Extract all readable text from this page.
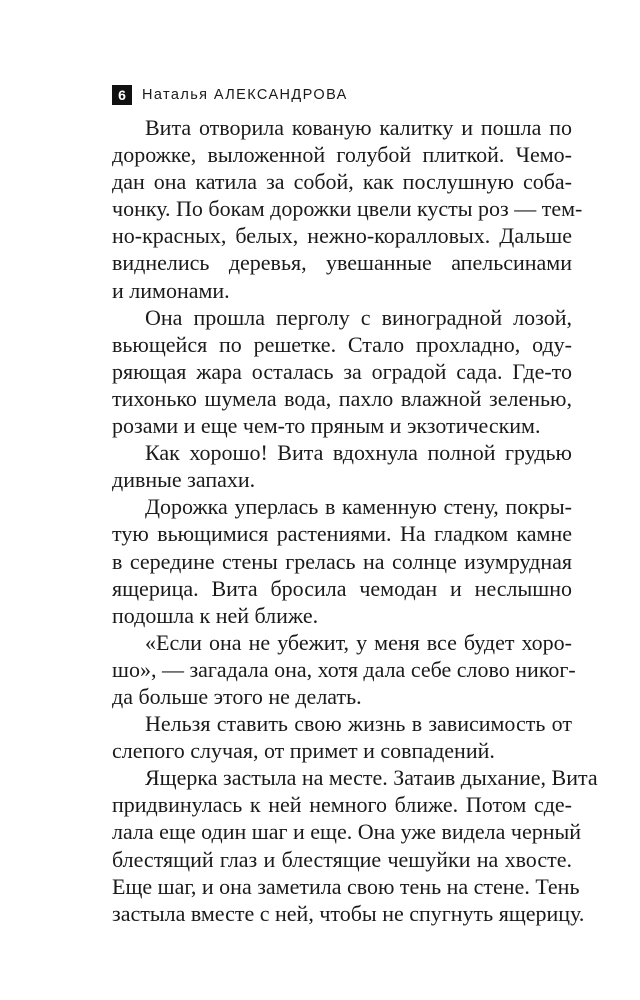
6	Наталья АЛЕКСАНДРОВА
Вита отворила кованую калитку и пошла по
дорожке, выложенной голубой плиткой. Чемо-
дан она катила за собой, как послушную соба-
чонку. По бокам дорожки цвели кусты роз — тем-
но-красных, белых, нежно-коралловых. Дальше
виднелись деревья, увешанные апельсинами
и лимонами.
Она прошла перголу с виноградной лозой,
вьющейся по решетке. Стало прохладно, оду-
ряющая жара осталась за оградой сада. Где-то
тихонько шумела вода, пахло влажной зеленью,
розами и еще чем-то пряным и экзотическим.
Как хорошо! Вита вдохнула полной грудью
дивные запахи.
Дорожка уперлась в каменную стену, покры-
тую вьющимися растениями. На гладком камне
в середине стены грелась на солнце изумрудная
ящерица. Вита бросила чемодан и неслышно
подошла к ней ближе.
«Если она не убежит, у меня все будет хоро-
шо», — загадала она, хотя дала себе слово никог-
да больше этого не делать.
Нельзя ставить свою жизнь в зависимость от
слепого случая, от примет и совпадений.
Ящерка застыла на месте. Затаив дыхание, Вита
придвинулась к ней немного ближе. Потом сде-
лала еще один шаг и еще. Она уже видела черный
блестящий глаз и блестящие чешуйки на хвосте.
Еще шаг, и она заметила свою тень на стене. Тень
застыла вместе с ней, чтобы не спугнуть ящерицу.
